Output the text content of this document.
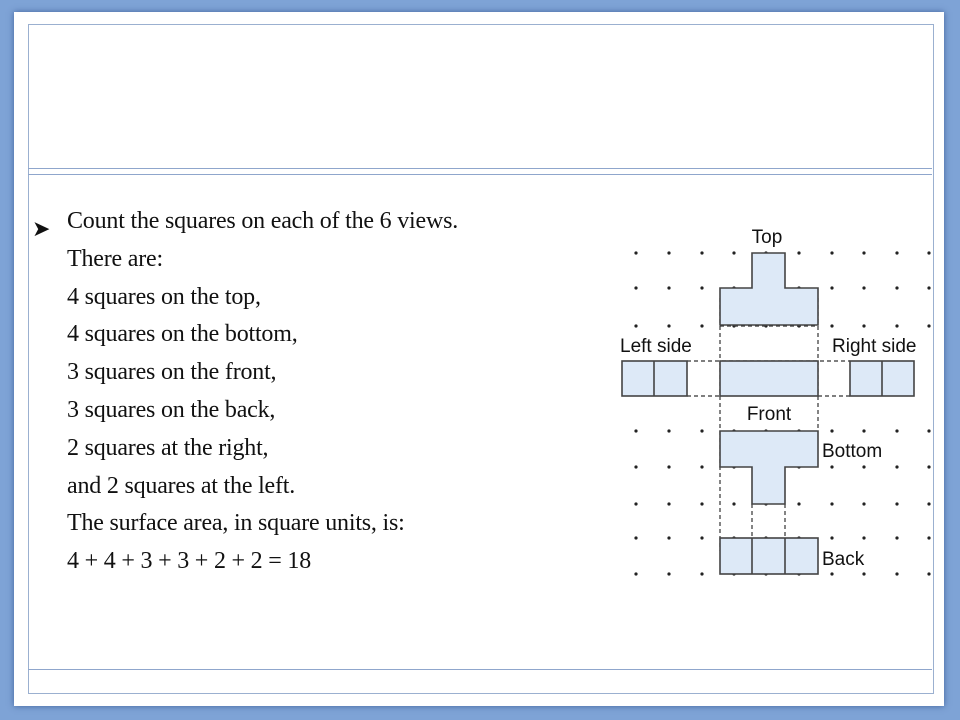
➤ Count the squares on each of the 6 views.
There are:
4 squares on the top,
4 squares on the bottom,
3 squares on the front,
3 squares on the back,
2 squares at the right,
and 2 squares at the left.
The surface area, in square units, is:
4 + 4 + 3 + 3 + 2 + 2 = 18
Top
Left side	Right side
Front
Bottom
Back
